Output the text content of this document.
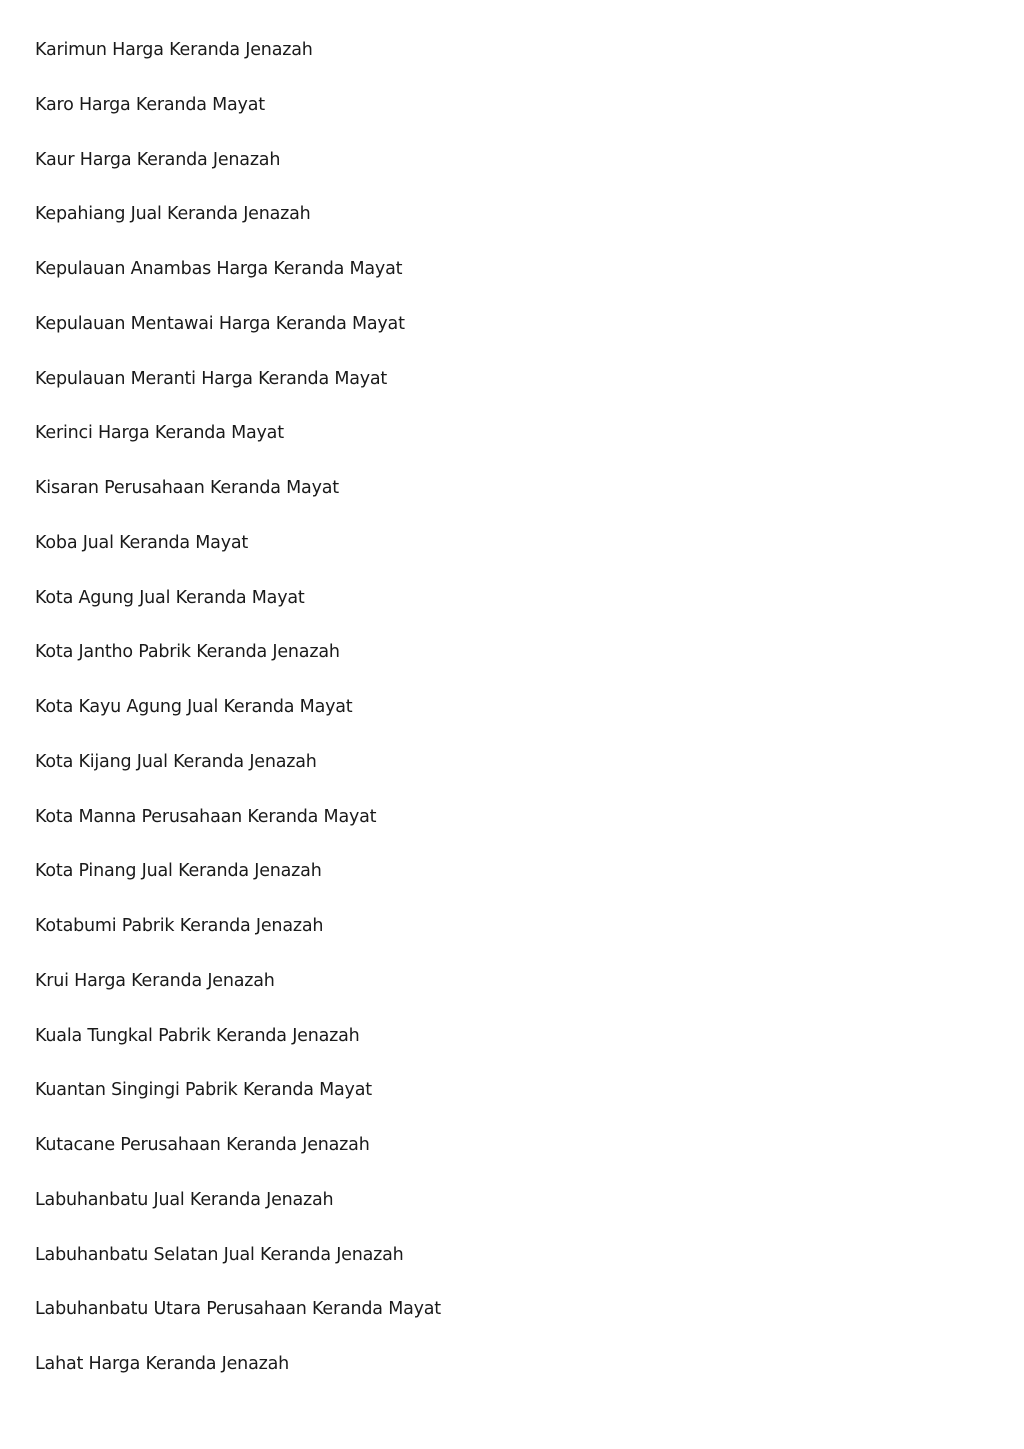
Karimun Harga Keranda Jenazah
Karo Harga Keranda Mayat
Kaur Harga Keranda Jenazah
Kepahiang Jual Keranda Jenazah
Kepulauan Anambas Harga Keranda Mayat
Kepulauan Mentawai Harga Keranda Mayat
Kepulauan Meranti Harga Keranda Mayat
Kerinci Harga Keranda Mayat
Kisaran Perusahaan Keranda Mayat
Koba Jual Keranda Mayat
Kota Agung Jual Keranda Mayat
Kota Jantho Pabrik Keranda Jenazah
Kota Kayu Agung Jual Keranda Mayat
Kota Kijang Jual Keranda Jenazah
Kota Manna Perusahaan Keranda Mayat
Kota Pinang Jual Keranda Jenazah
Kotabumi Pabrik Keranda Jenazah
Krui Harga Keranda Jenazah
Kuala Tungkal Pabrik Keranda Jenazah
Kuantan Singingi Pabrik Keranda Mayat
Kutacane Perusahaan Keranda Jenazah
Labuhanbatu Jual Keranda Jenazah
Labuhanbatu Selatan Jual Keranda Jenazah
Labuhanbatu Utara Perusahaan Keranda Mayat
Lahat Harga Keranda Jenazah
